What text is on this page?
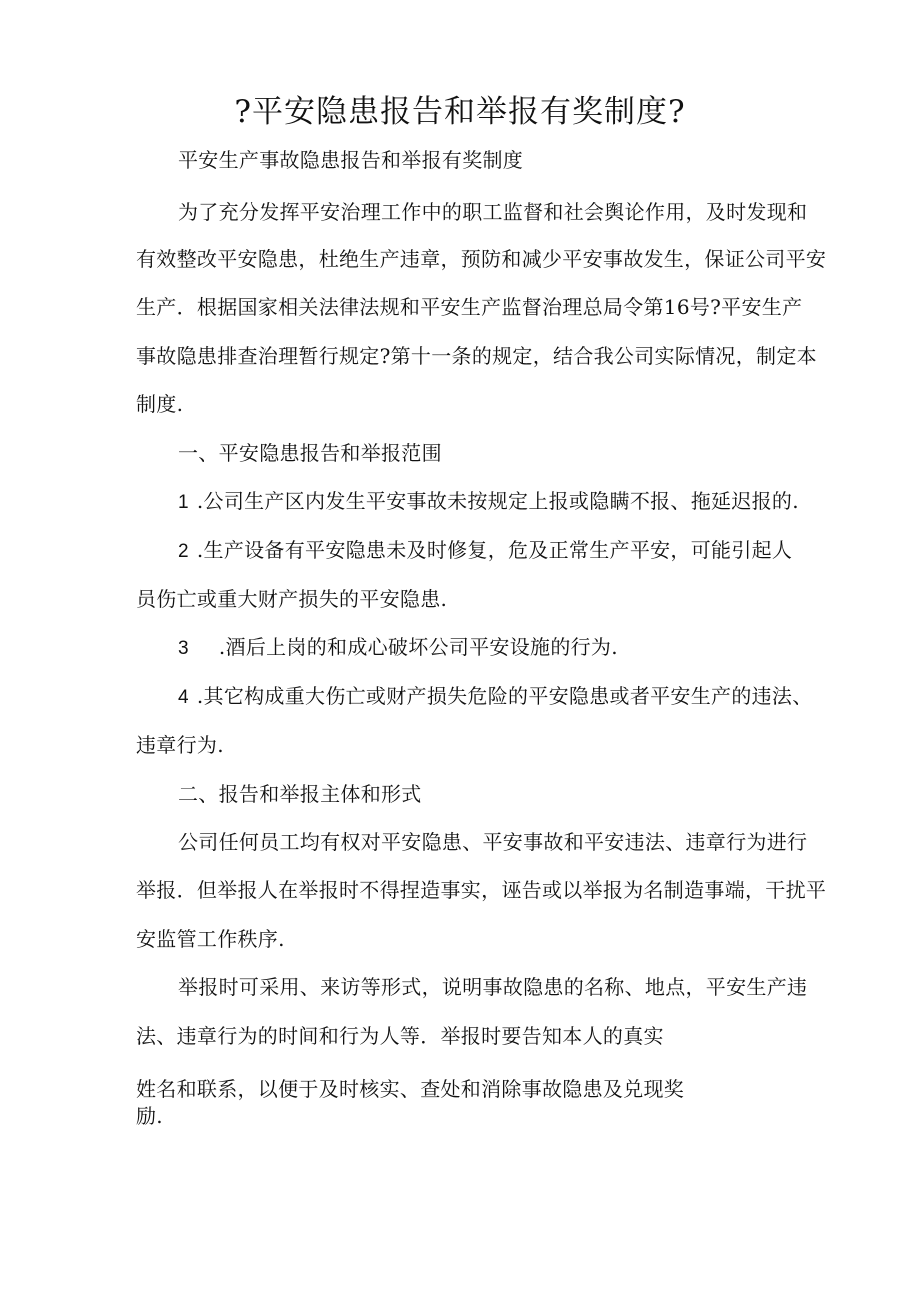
?平安隐患报告和举报有奖制度?
平安生产事故隐患报告和举报有奖制度
为了充分发挥平安治理工作中的职工监督和社会舆论作用，及时发现和
有效整改平安隐患，杜绝生产违章，预防和减少平安事故发生，保证公司平安
生产．根据国家相关法律法规和平安生产监督治理总局令第16号?平安生产
事故隐患排查治理暂行规定?第十一条的规定，结合我公司实际情况，制定本
制度.
一、平安隐患报告和举报范围
1 .公司生产区内发生平安事故未按规定上报或隐瞒不报、拖延迟报的.
2 .生产设备有平安隐患未及时修复，危及正常生产平安，可能引起人
员伤亡或重大财产损失的平安隐患.
3 .酒后上岗的和成心破坏公司平安设施的行为.
4 .其它构成重大伤亡或财产损失危险的平安隐患或者平安生产的违法、
违章行为.
二、报告和举报主体和形式
公司任何员工均有权对平安隐患、平安事故和平安违法、违章行为进行
举报．但举报人在举报时不得捏造事实，诬告或以举报为名制造事端，干扰平
安监管工作秩序.
举报时可采用、来访等形式，说明事故隐患的名称、地点，平安生产违
法、违章行为的时间和行为人等．举报时要告知本人的真实
姓名和联系，以便于及时核实、查处和消除事故隐患及兑现奖
励.
